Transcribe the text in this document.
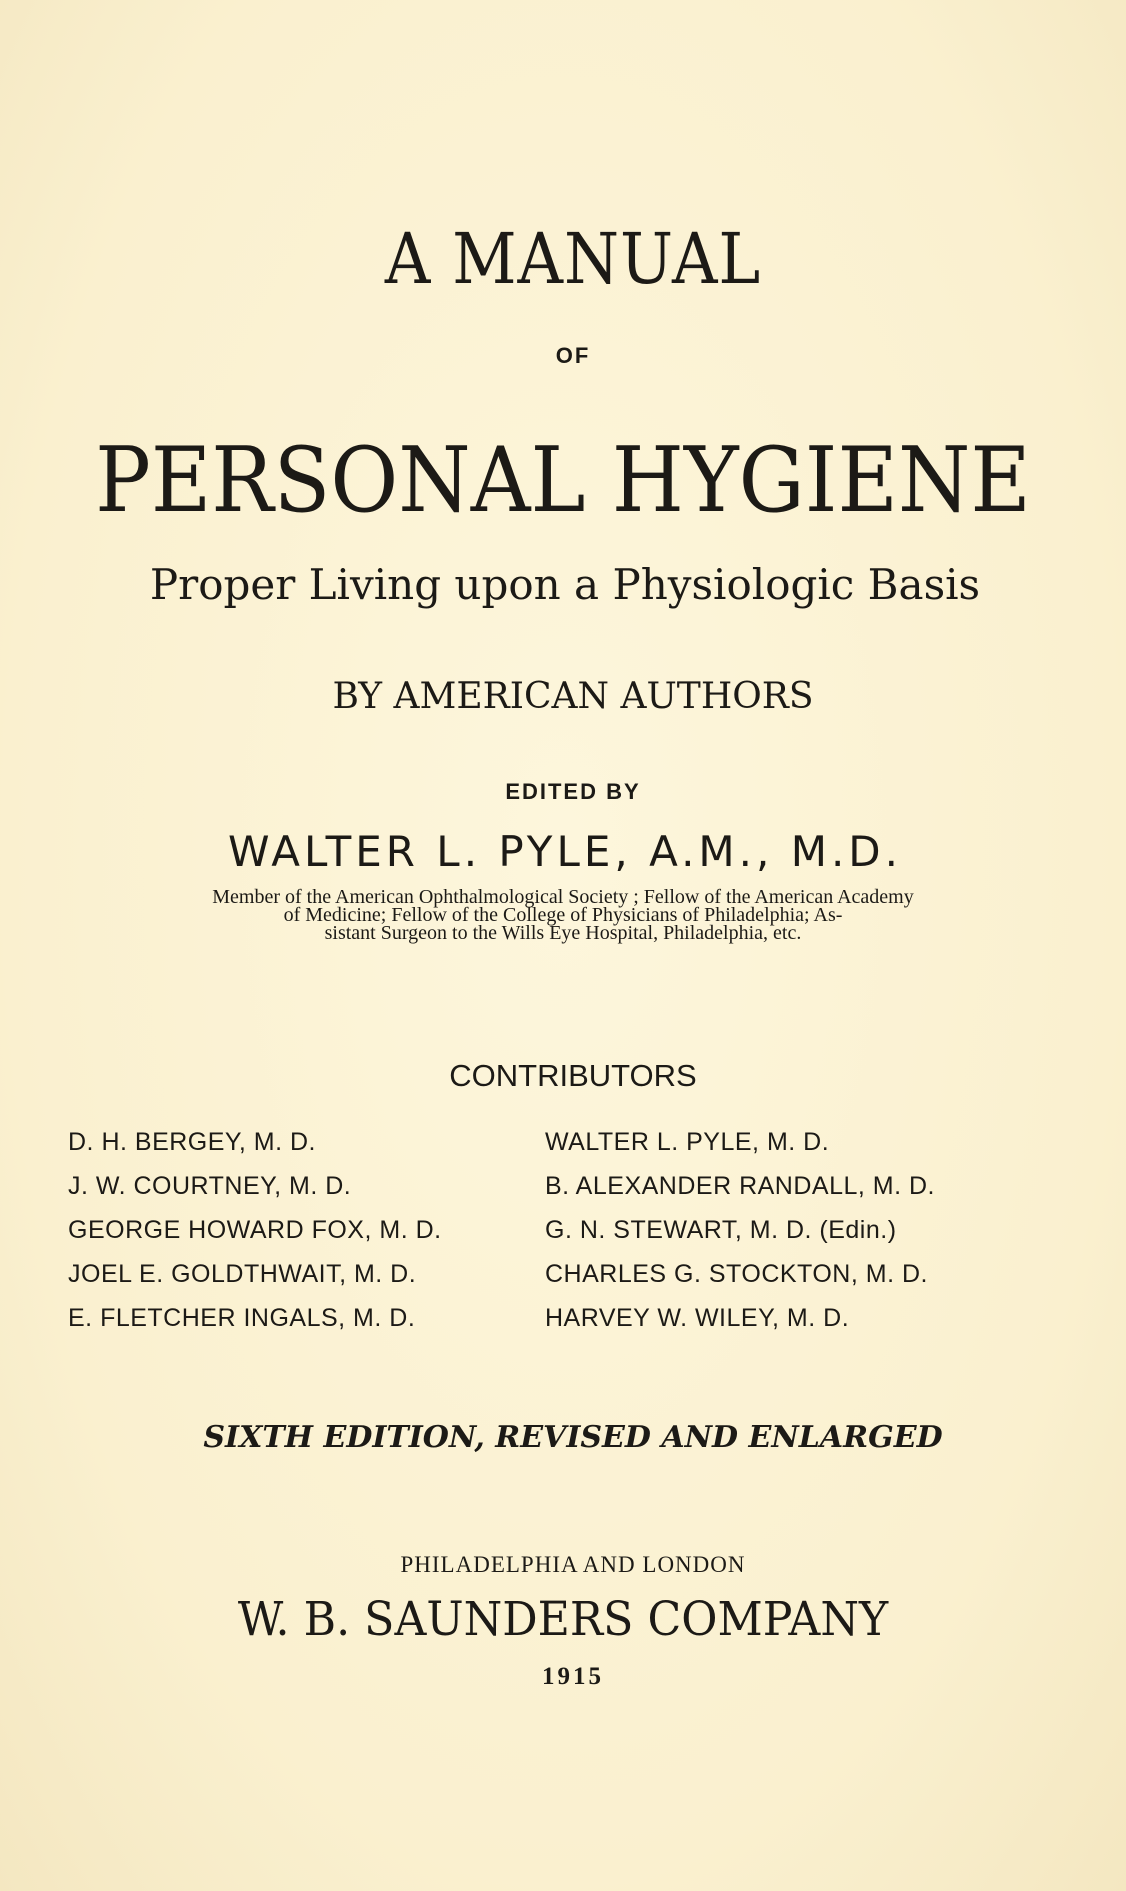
A MANUAL
OF
PERSONAL HYGIENE
Proper Living upon a Physiologic Basis
BY AMERICAN AUTHORS
EDITED BY
WALTER L. PYLE, A.M., M.D.
Member of the American Ophthalmological Society ; Fellow of the American Academy
of Medicine; Fellow of the College of Physicians of Philadelphia; As-
sistant Surgeon to the Wills Eye Hospital, Philadelphia, etc.
CONTRIBUTORS
D. H. BERGEY, M. D.
J. W. COURTNEY, M. D.
GEORGE HOWARD FOX, M. D.
JOEL E. GOLDTHWAIT, M. D.
E. FLETCHER INGALS, M. D.
WALTER L. PYLE, M. D.
B. ALEXANDER RANDALL, M. D.
G. N. STEWART, M. D. (Edin.)
CHARLES G. STOCKTON, M. D.
HARVEY W. WILEY, M. D.
SIXTH EDITION, REVISED AND ENLARGED
PHILADELPHIA AND LONDON
W. B. SAUNDERS COMPANY
1915
